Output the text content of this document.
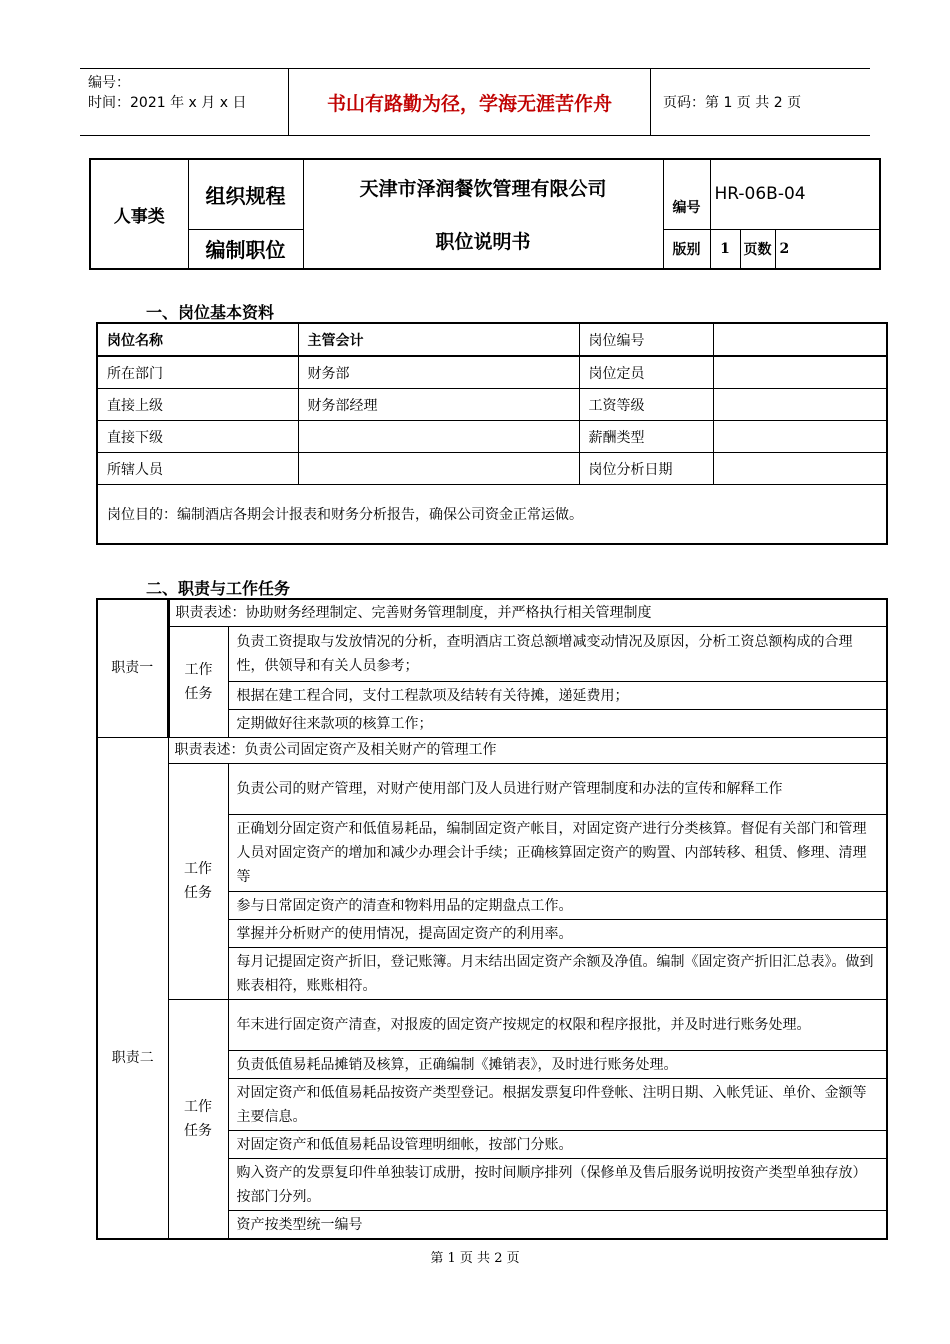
编号：
时间：2021 年 x 月 x 日	书山有路勤为径，学海无涯苦作舟	页码：第 1 页 共 2 页
人事类	组织规程	天津市泽润餐饮管理有限公司
职位说明书	编号	HR-06B-04		
	编制职位		版别	1	页数	2
一、岗位基本资料
岗位名称	主管会计	岗位编号	
所在部门	财务部	岗位定员	
直接上级	财务部经理	工资等级	
直接下级		薪酬类型	
所辖人员		岗位分析日期	
岗位目的：编制酒店各期会计报表和财务分析报告，确保公司资金正常运做。			
二、职责与工作任务
职责一	职责表述：协助财务经理制定、完善财务管理制度，并严格执行相关管理制度	

	工作任务	负责工资提取与发放情况的分析，查明酒店工资总额增减变动情况及原因，分析工资总额构成的合理性，供领导和有关人员参考；
		根据在建工程合同，支付工程款项及结转有关待摊，递延费用；
		定期做好往来款项的核算工作；
职责二	职责表述：负责公司固定资产及相关财产的管理工作	

	工作任务	负责公司的财产管理，对财产使用部门及人员进行财产管理制度和办法的宣传和解释工作
		正确划分固定资产和低值易耗品，编制固定资产帐目，对固定资产进行分类核算。督促有关部门和管理人员对固定资产的增加和减少办理会计手续；正确核算固定资产的购置、内部转移、租赁、修理、清理等
		参与日常固定资产的清查和物料用品的定期盘点工作。
		掌握并分析财产的使用情况，提高固定资产的利用率。
		每月记提固定资产折旧，登记账簿。月末结出固定资产余额及净值。编制《固定资产折旧汇总表》。做到账表相符，账账相符。

	工作任务	年末进行固定资产清查，对报废的固定资产按规定的权限和程序报批，并及时进行账务处理。
		负责低值易耗品摊销及核算，正确编制《摊销表》，及时进行账务处理。
		对固定资产和低值易耗品按资产类型登记。根据发票复印件登帐、注明日期、入帐凭证、单价、金额等主要信息。
		对固定资产和低值易耗品设管理明细帐，按部门分账。
		购入资产的发票复印件单独装订成册，按时间顺序排列（保修单及售后服务说明按资产类型单独存放）按部门分列。
		资产按类型统一编号
第 1 页 共 2 页
